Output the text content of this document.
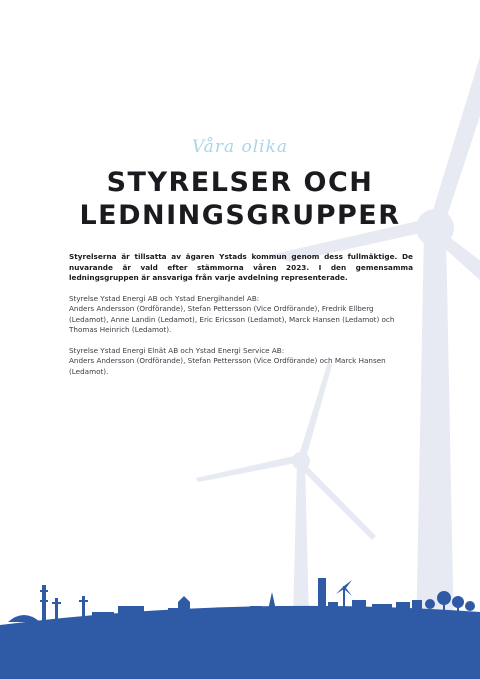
Våra olika
STYRELSER OCH
LEDNINGSGRUPPER

Styrelserna är tillsatta av ägaren Ystads kommun genom dess fullmäktige. De nuvarande är vald efter stämmorna våren 2023. I den gemensamma ledningsgruppen är ansvariga från varje avdelning representerade.

Styrelse Ystad Energi AB och Ystad Energihandel AB:
Anders Andersson (Ordförande), Stefan Pettersson (Vice Ordförande), Fredrik Ellberg (Ledamot), Anne Landin (Ledamot), Eric Ericsson (Ledamot), Marck Hansen (Ledamot) och Thomas Heinrich (Ledamot).

Styrelse Ystad Energi Elnät AB och Ystad Energi Service AB:
Anders Andersson (Ordförande), Stefan Pettersson (Vice Ordförande) och Marck Hansen (Ledamot).
